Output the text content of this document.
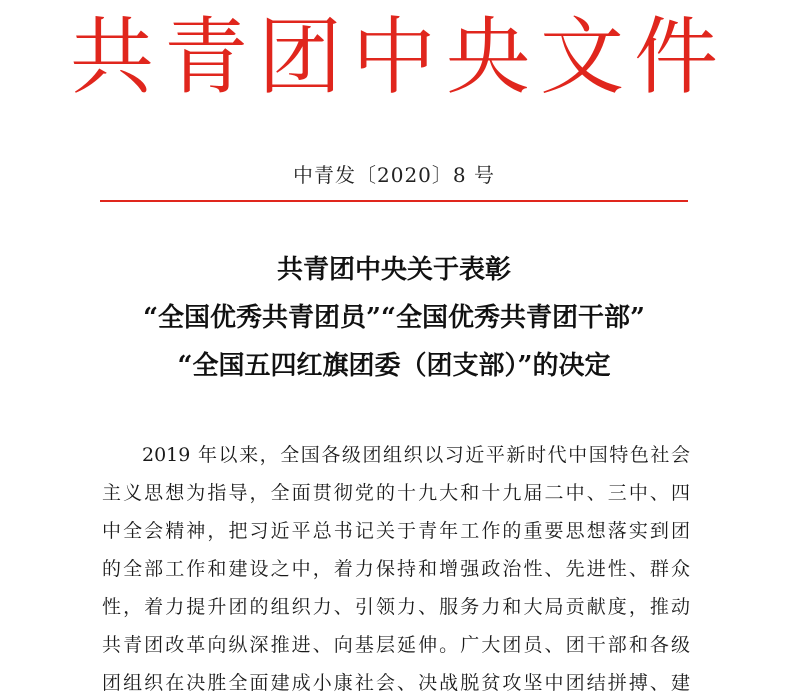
共青团中央文件
中青发〔2020〕8 号
共青团中央关于表彰
“全国优秀共青团员”“全国优秀共青团干部”
“全国五四红旗团委（团支部）”的决定
2019 年以来，全国各级团组织以习近平新时代中国特色社会
主义思想为指导，全面贯彻党的十九大和十九届二中、三中、四
中全会精神，把习近平总书记关于青年工作的重要思想落实到团
的全部工作和建设之中，着力保持和增强政治性、先进性、群众
性，着力提升团的组织力、引领力、服务力和大局贡献度，推动
共青团改革向纵深推进、向基层延伸。广大团员、团干部和各级
团组织在决胜全面建成小康社会、决战脱贫攻坚中团结拼搏、建
